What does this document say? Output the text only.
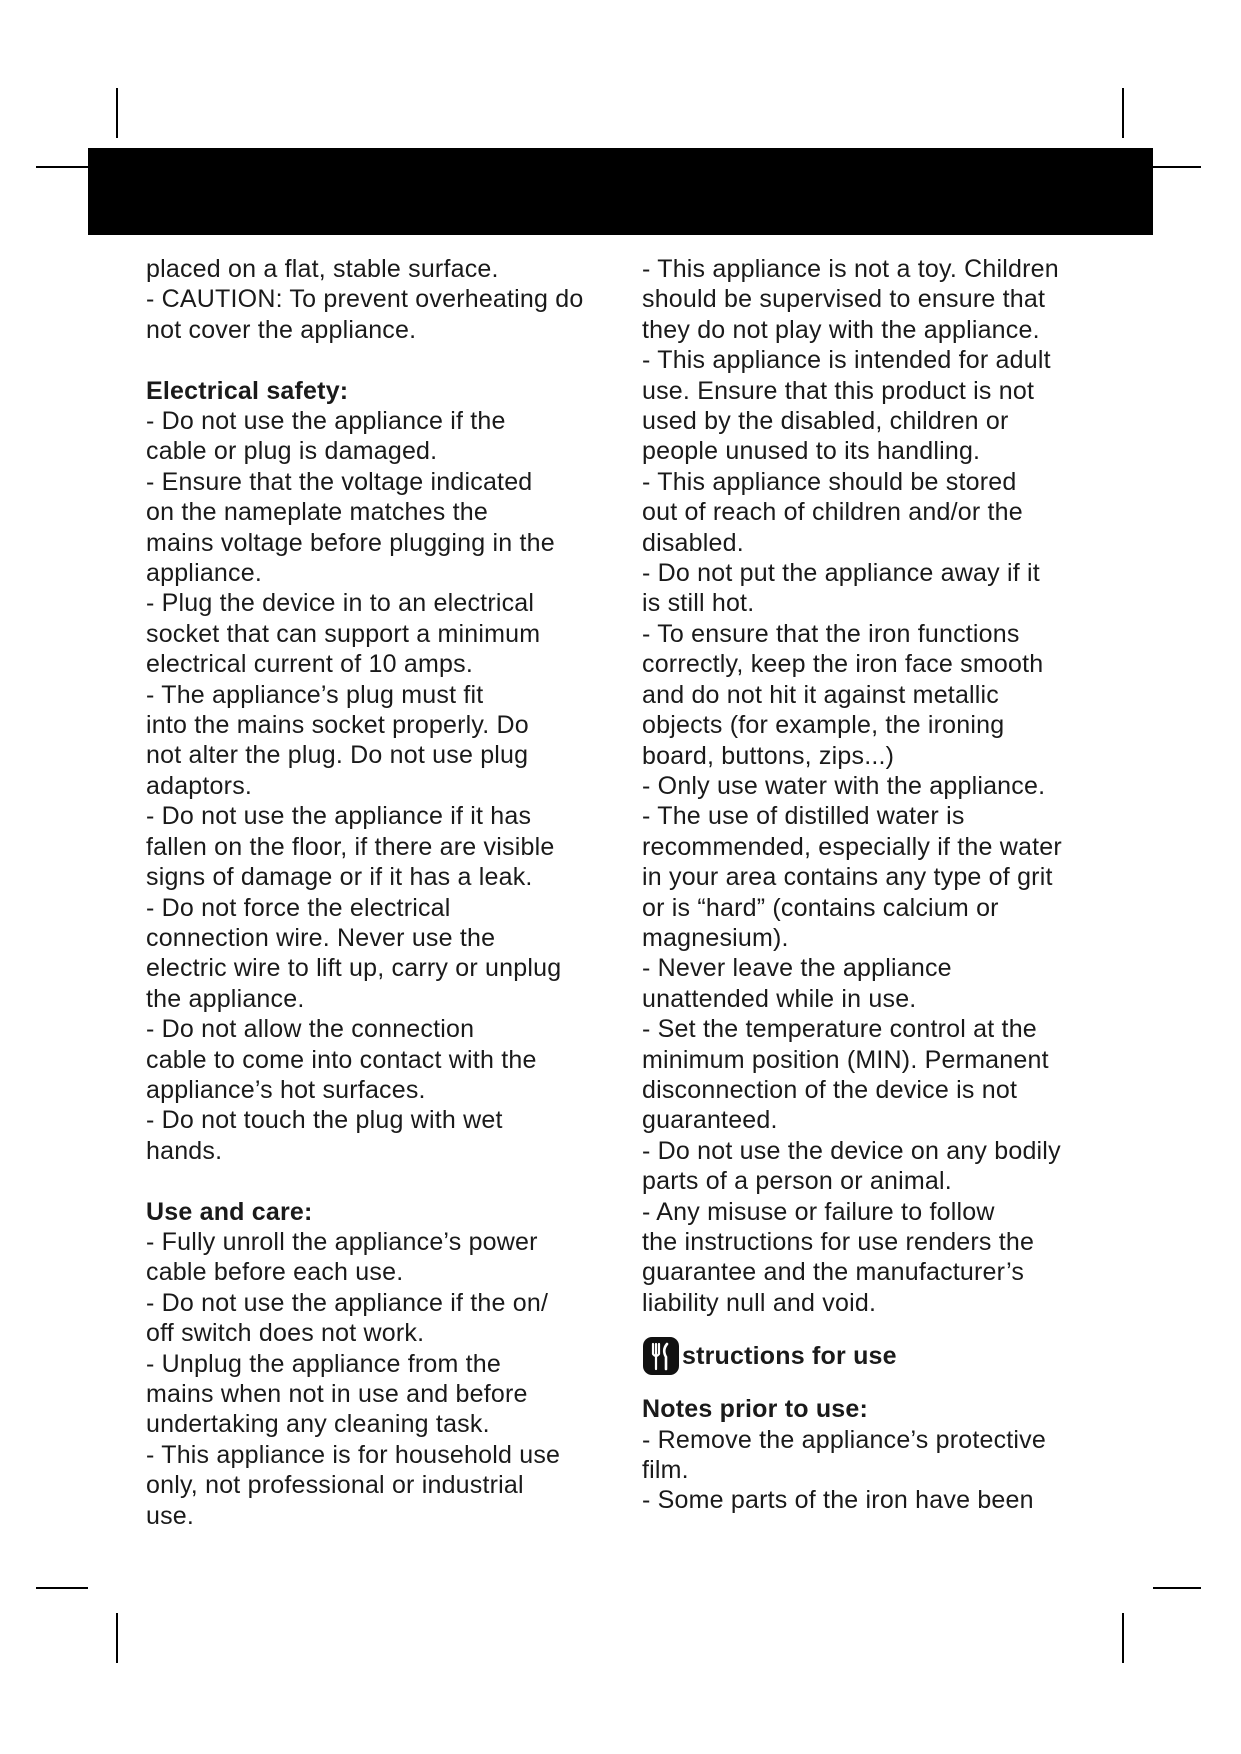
placed on a flat, stable surface.
- CAUTION: To prevent overheating do
not cover the appliance.
Electrical safety:
- Do not use the appliance if the
cable or plug is damaged.
- Ensure that the voltage indicated
on the nameplate matches the
mains voltage before plugging in the
appliance.
- Plug the device in to an electrical
socket that can support a minimum
electrical current of 10 amps.
- The appliance’s plug must fit
into the mains socket properly. Do
not alter the plug. Do not use plug
adaptors.
- Do not use the appliance if it has
fallen on the floor, if there are visible
signs of damage or if it has a leak.
- Do not force the electrical
connection wire. Never use the
electric wire to lift up, carry or unplug
the appliance.
- Do not allow the connection
cable to come into contact with the
appliance’s hot surfaces.
- Do not touch the plug with wet
hands.
Use and care:
- Fully unroll the appliance’s power
cable before each use.
- Do not use the appliance if the on/
off switch does not work.
- Unplug the appliance from the
mains when not in use and before
undertaking any cleaning task.
- This appliance is for household use
only, not professional or industrial
use.
- This appliance is not a toy. Children
should be supervised to ensure that
they do not play with the appliance.
- This appliance is intended for adult
use. Ensure that this product is not
used by the disabled, children or
people unused to its handling.
- This appliance should be stored
out of reach of children and/or the
disabled.
- Do not put the appliance away if it
is still hot.
- To ensure that the iron functions
correctly, keep the iron face smooth
and do not hit it against metallic
objects (for example, the ironing
board, buttons, zips...)
- Only use water with the appliance.
- The use of distilled water is
recommended, especially if the water
in your area contains any type of grit
or is “hard” (contains calcium or
magnesium).
- Never leave the appliance
unattended while in use.
- Set the temperature control at the
minimum position (MIN). Permanent
disconnection of the device is not
guaranteed.
- Do not use the device on any bodily
parts of a person or animal.
- Any misuse or failure to follow
the instructions for use renders the
guarantee and the manufacturer’s
liability null and void.
structions for use
Notes prior to use:
- Remove the appliance’s protective
film.
- Some parts of the iron have been
